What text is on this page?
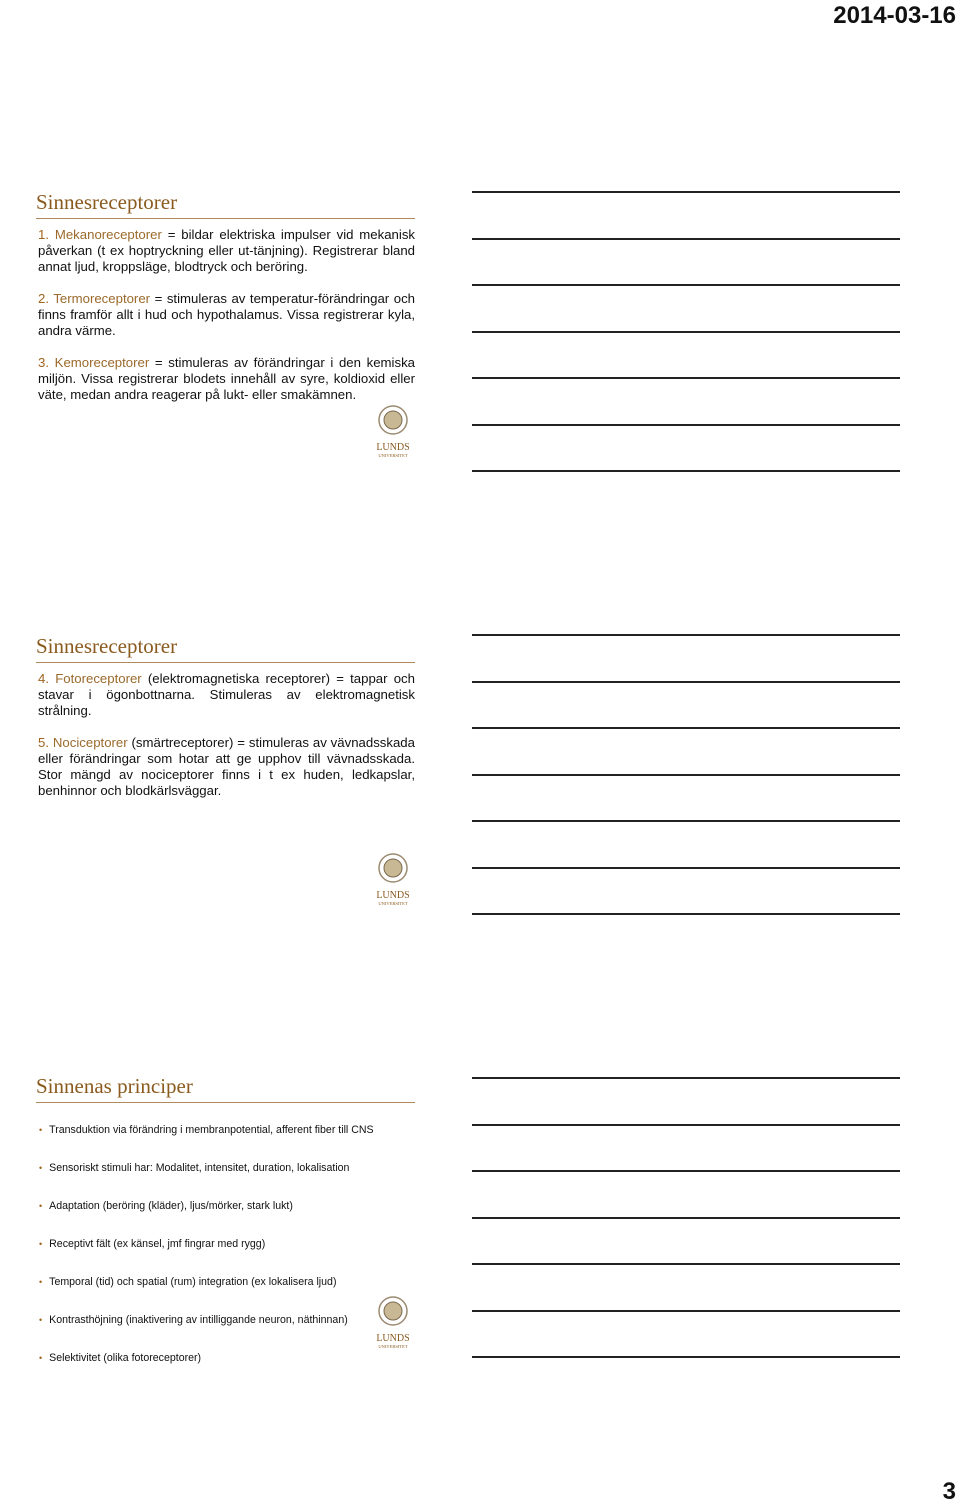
2014-03-16
Sinnesreceptorer
1. Mekanoreceptorer = bildar elektriska impulser vid mekanisk påverkan (t ex hoptryckning eller ut-tänjning). Registrerar bland annat ljud, kroppsläge, blodtryck och beröring.
2. Termoreceptorer = stimuleras av temperatur-förändringar och finns framför allt i hud och hypothalamus. Vissa registrerar kyla, andra värme.
3. Kemoreceptorer = stimuleras av förändringar i den kemiska miljön. Vissa registrerar blodets innehåll av syre, koldioxid eller väte, medan andra reagerar på lukt- eller smakämnen.
Sinnesreceptorer
4. Fotoreceptorer (elektromagnetiska receptorer) = tappar och stavar i ögonbottnarna. Stimuleras av elektromagnetisk strålning.
5. Nociceptorer (smärtreceptorer) = stimuleras av vävnadsskada eller förändringar som hotar att ge upphov till vävnadsskada. Stor mängd av nociceptorer finns i t ex huden, ledkapslar, benhinnor och blodkärlsväggar.
Sinnenas principer
• Transduktion via förändring i membranpotential, afferent fiber till CNS
• Sensoriskt stimuli har: Modalitet, intensitet, duration, lokalisation
• Adaptation (beröring (kläder), ljus/mörker, stark lukt)
• Receptivt fält (ex känsel, jmf fingrar med rygg)
• Temporal (tid) och spatial (rum) integration (ex lokalisera ljud)
• Kontrasthöjning (inaktivering av intilliggande neuron, näthinnan)
• Selektivitet (olika fotoreceptorer)
LUNDS
UNIVERSITET
LUNDS
UNIVERSITET
LUNDS
UNIVERSITET
3
